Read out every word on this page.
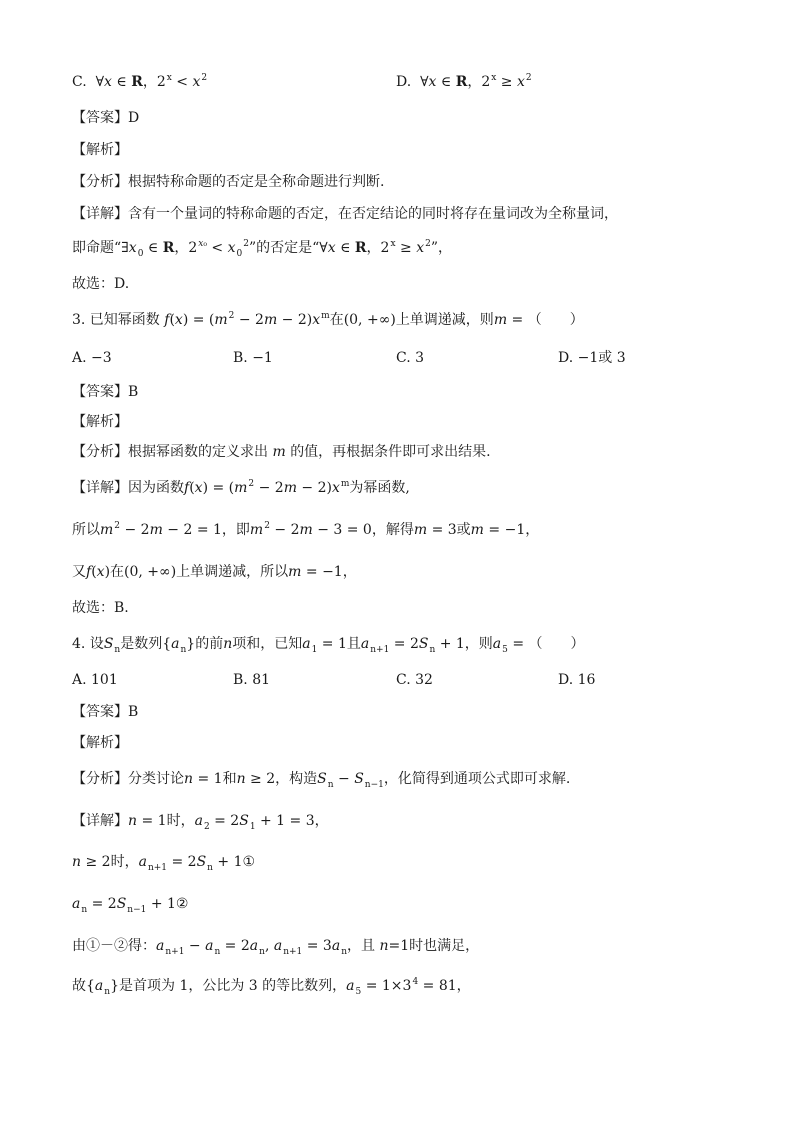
C.  ∀x ∈ R，$2^x < x^2$	D.  ∀x ∈ R，$2^x \ge x^2$
【答案】D
【解析】
【分析】根据特称命题的否定是全称命题进行判断.
【详解】含有一个量词的特称命题的否定，在否定结论的同时将存在量词改为全称量词，
即命题“$\exists x_0$ ∈ R，$2^{x_0} < x_0^2$”的否定是“∀x ∈ R，$2^x \ge x^2$”，
故选：D.
3. 已知幂函数 $f(x) = (m^2 - 2m - 2)x^m$在(0, +∞)上单调递减，则m = （　　）
A. −3	B. −1	C. 3	D. −1或 3
【答案】B
【解析】
【分析】根据幂函数的定义求出 m 的值，再根据条件即可求出结果.
【详解】因为函数$f(x) = (m^2 - 2m - 2)x^m$为幂函数,
所以$m^2 - 2m - 2 = 1$，即$m^2 - 2m - 3 = 0$，解得m = 3或m = −1，
又f(x)在(0, +∞)上单调递减，所以m = −1，
故选：B.
4. 设$S_n$是数列$\{a_n\}$的前n项和，已知$a_1 = 1$且$a_{n+1} = 2S_n + 1$，则$a_5$ = （　　）
A. 101	B. 81	C. 32	D. 16
【答案】B
【解析】
【分析】分类讨论n = 1和n ≥ 2，构造$S_n - S_{n-1}$，化简得到通项公式即可求解.
【详解】n = 1时，$a_2 = 2S_1 + 1 = 3$，
n ≥ 2时，$a_{n+1} = 2S_n$ + 1①
$a_n = 2S_{n-1}$ + 1②
由①－②得：$a_{n+1} - a_n = 2a_n$, $a_{n+1} = 3a_n$，且 n=1时也满足，
故$\{a_n\}$是首项为 1，公比为 3 的等比数列，$a_5 = 1\times 3^4 = 81$，
